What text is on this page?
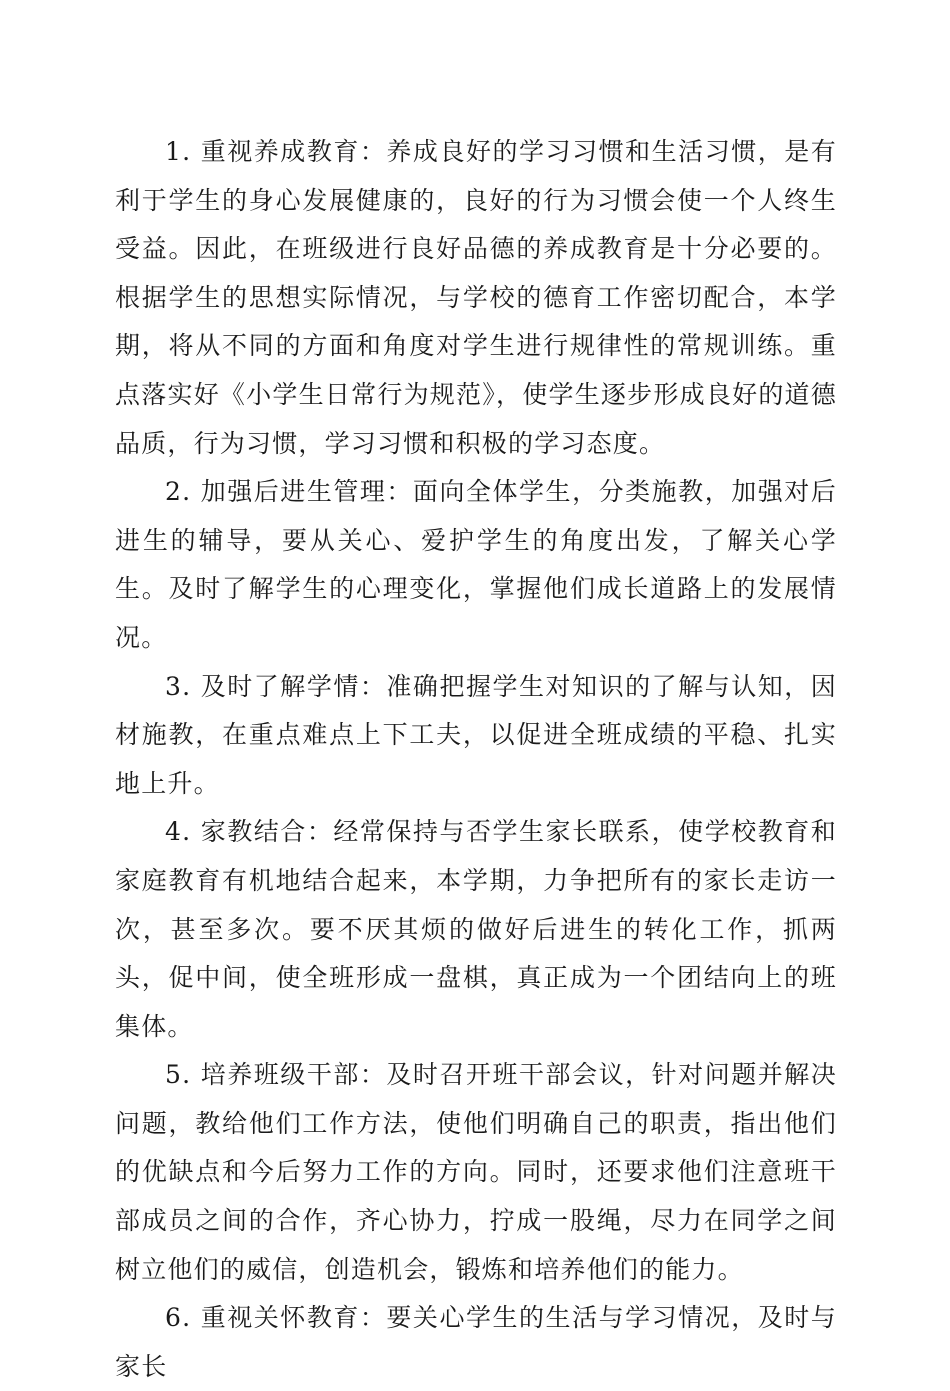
1. 重视养成教育：养成良好的学习习惯和生活习惯，是有利于学生的身心发展健康的，良好的行为习惯会使一个人终生受益。因此，在班级进行良好品德的养成教育是十分必要的。根据学生的思想实际情况，与学校的德育工作密切配合，本学期，将从不同的方面和角度对学生进行规律性的常规训练。重点落实好《小学生日常行为规范》，使学生逐步形成良好的道德品质，行为习惯，学习习惯和积极的学习态度。

2. 加强后进生管理：面向全体学生，分类施教，加强对后进生的辅导，要从关心、爱护学生的角度出发，了解关心学生。及时了解学生的心理变化，掌握他们成长道路上的发展情况。

3. 及时了解学情：准确把握学生对知识的了解与认知，因材施教，在重点难点上下工夫，以促进全班成绩的平稳、扎实地上升。

4. 家教结合：经常保持与否学生家长联系，使学校教育和家庭教育有机地结合起来，本学期，力争把所有的家长走访一次，甚至多次。要不厌其烦的做好后进生的转化工作，抓两头，促中间，使全班形成一盘棋，真正成为一个团结向上的班集体。

5. 培养班级干部：及时召开班干部会议，针对问题并解决问题，教给他们工作方法，使他们明确自己的职责，指出他们的优缺点和今后努力工作的方向。同时，还要求他们注意班干部成员之间的合作，齐心协力，拧成一股绳，尽力在同学之间树立他们的威信，创造机会，锻炼和培养他们的能力。

6. 重视关怀教育：要关心学生的生活与学习情况，及时与家长
